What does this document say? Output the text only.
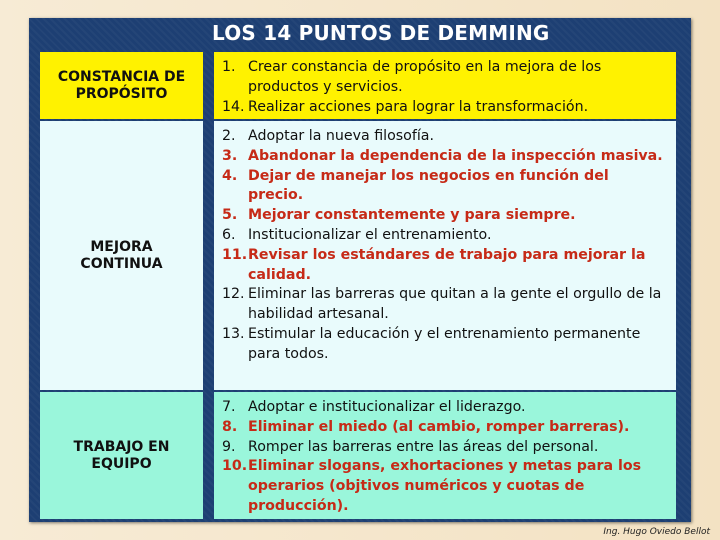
LOS 14 PUNTOS DE DEMMING
CONSTANCIA DE
PROPÓSITO
1. Crear constancia de propósito en la mejora de los productos y servicios.
14. Realizar acciones para lograr la transformación.
MEJORA
CONTINUA
2. Adoptar la nueva filosofía.
3. Abandonar la dependencia de la inspección masiva.
4. Dejar de manejar los negocios en función del precio.
5. Mejorar constantemente y para siempre.
6. Institucionalizar el entrenamiento.
11. Revisar los estándares de trabajo para mejorar la calidad.
12. Eliminar las barreras que quitan a la gente el orgullo de la habilidad artesanal.
13. Estimular la educación y el entrenamiento permanente para todos.
TRABAJO EN
EQUIPO
7. Adoptar e institucionalizar el liderazgo.
8. Eliminar el miedo (al cambio, romper barreras).
9. Romper las barreras entre las áreas del personal.
10. Eliminar slogans, exhortaciones y metas para los operarios (objtivos numéricos y cuotas de producción).
Ing. Hugo Oviedo Bellot
